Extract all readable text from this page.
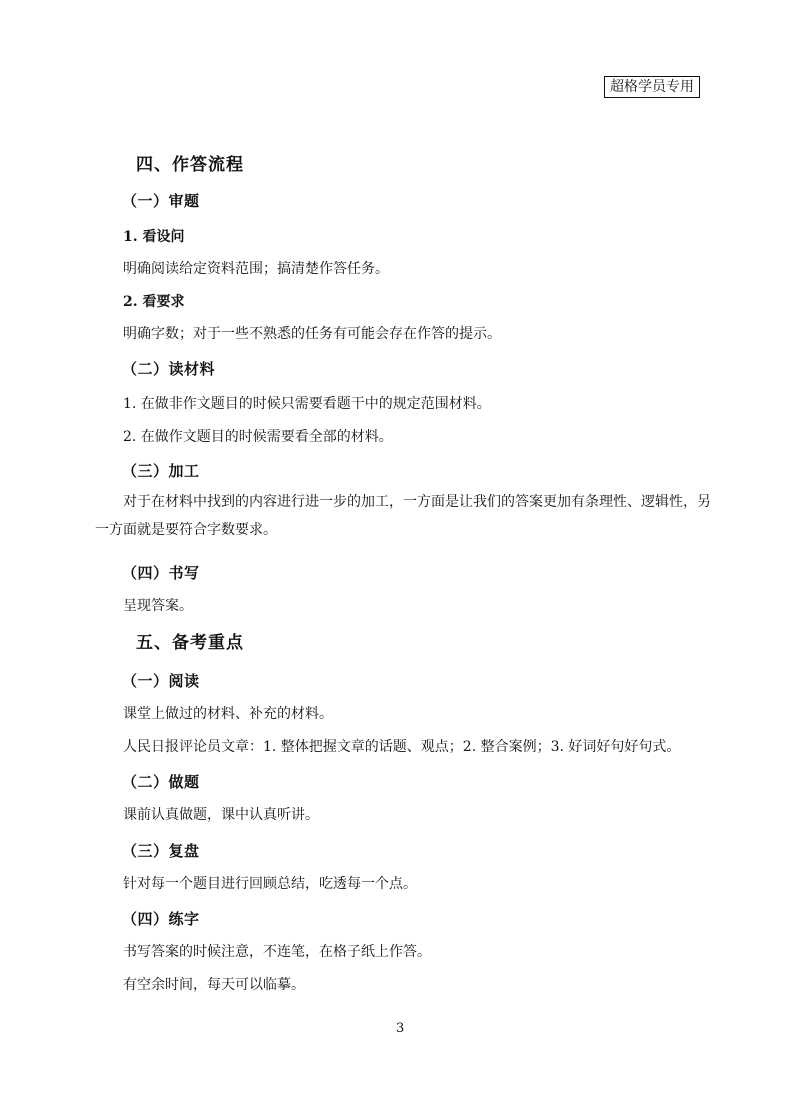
超格学员专用
四、作答流程
（一）审题
1. 看设问
明确阅读给定资料范围；搞清楚作答任务。
2. 看要求
明确字数；对于一些不熟悉的任务有可能会存在作答的提示。
（二）读材料
1. 在做非作文题目的时候只需要看题干中的规定范围材料。
2. 在做作文题目的时候需要看全部的材料。
（三）加工
对于在材料中找到的内容进行进一步的加工，一方面是让我们的答案更加有条理性、逻辑性，另一方面就是要符合字数要求。
（四）书写
呈现答案。
五、备考重点
（一）阅读
课堂上做过的材料、补充的材料。
人民日报评论员文章：1. 整体把握文章的话题、观点；2. 整合案例；3. 好词好句好句式。
（二）做题
课前认真做题，课中认真听讲。
（三）复盘
针对每一个题目进行回顾总结，吃透每一个点。
（四）练字
书写答案的时候注意，不连笔，在格子纸上作答。
有空余时间，每天可以临摹。
3
